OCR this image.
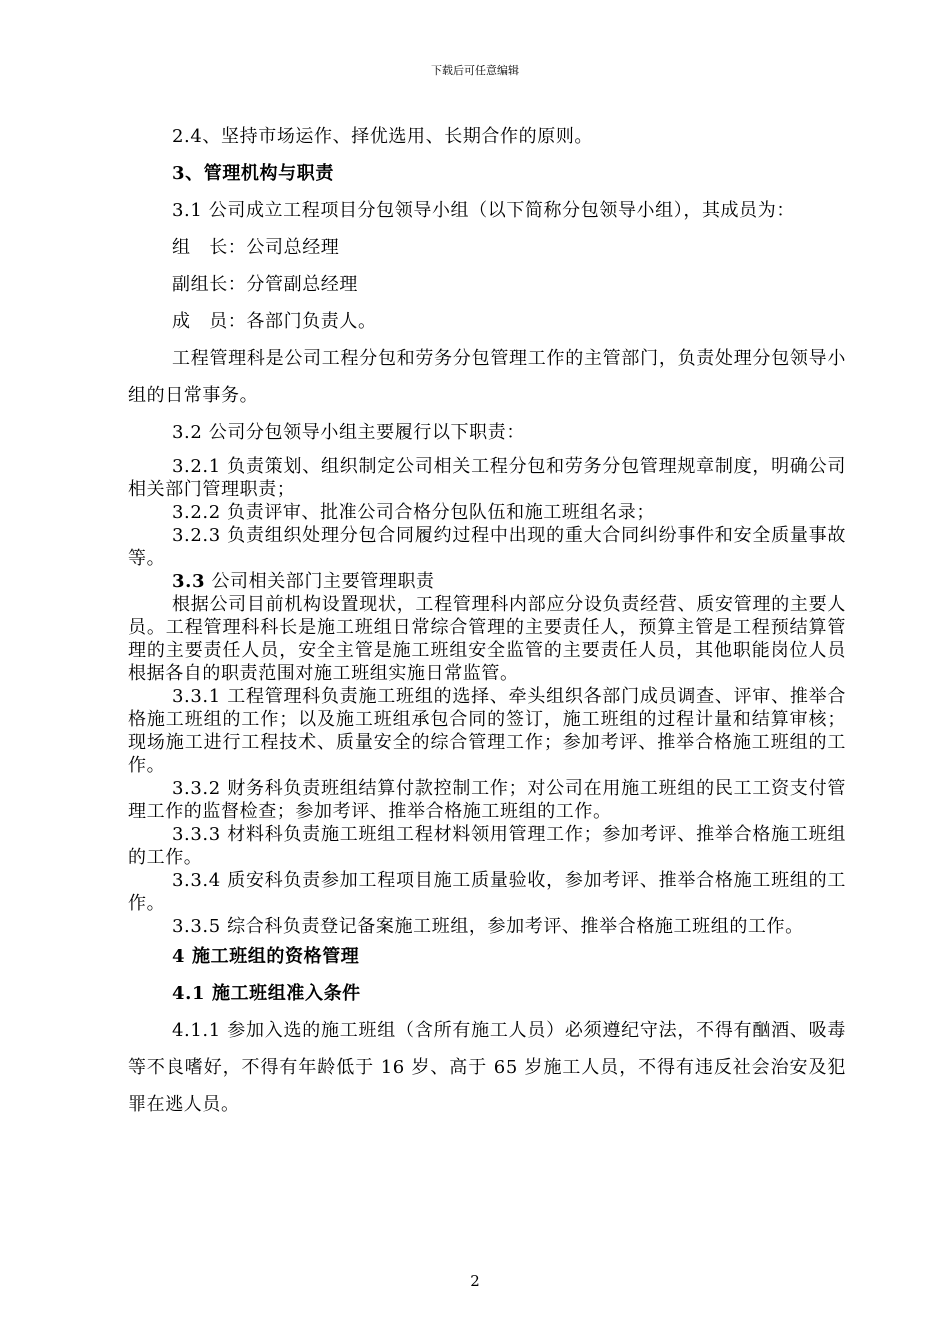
下载后可任意编辑

2.4、坚持市场运作、择优选用、长期合作的原则。

3、管理机构与职责

3.1 公司成立工程项目分包领导小组（以下简称分包领导小组），其成员为：

组　长：公司总经理

副组长：分管副总经理

成　员：各部门负责人。

工程管理科是公司工程分包和劳务分包管理工作的主管部门，负责处理分包领导小组的日常事务。

3.2 公司分包领导小组主要履行以下职责：

3.2.1 负责策划、组织制定公司相关工程分包和劳务分包管理规章制度，明确公司相关部门管理职责；

3.2.2 负责评审、批准公司合格分包队伍和施工班组名录；

3.2.3 负责组织处理分包合同履约过程中出现的重大合同纠纷事件和安全质量事故等。

3.3 公司相关部门主要管理职责

根据公司目前机构设置现状，工程管理科内部应分设负责经营、质安管理的主要人员。工程管理科科长是施工班组日常综合管理的主要责任人，预算主管是工程预结算管理的主要责任人员，安全主管是施工班组安全监管的主要责任人员，其他职能岗位人员根据各自的职责范围对施工班组实施日常监管。

3.3.1 工程管理科负责施工班组的选择、牵头组织各部门成员调查、评审、推举合格施工班组的工作；以及施工班组承包合同的签订，施工班组的过程计量和结算审核；现场施工进行工程技术、质量安全的综合管理工作；参加考评、推举合格施工班组的工作。

3.3.2 财务科负责班组结算付款控制工作；对公司在用施工班组的民工工资支付管理工作的监督检查；参加考评、推举合格施工班组的工作。

3.3.3 材料科负责施工班组工程材料领用管理工作；参加考评、推举合格施工班组的工作。

3.3.4 质安科负责参加工程项目施工质量验收，参加考评、推举合格施工班组的工作。

3.3.5 综合科负责登记备案施工班组，参加考评、推举合格施工班组的工作。

4 施工班组的资格管理

4.1 施工班组准入条件

4.1.1 参加入选的施工班组（含所有施工人员）必须遵纪守法，不得有酗酒、吸毒等不良嗜好，不得有年龄低于 16 岁、高于 65 岁施工人员，不得有违反社会治安及犯罪在逃人员。

2
